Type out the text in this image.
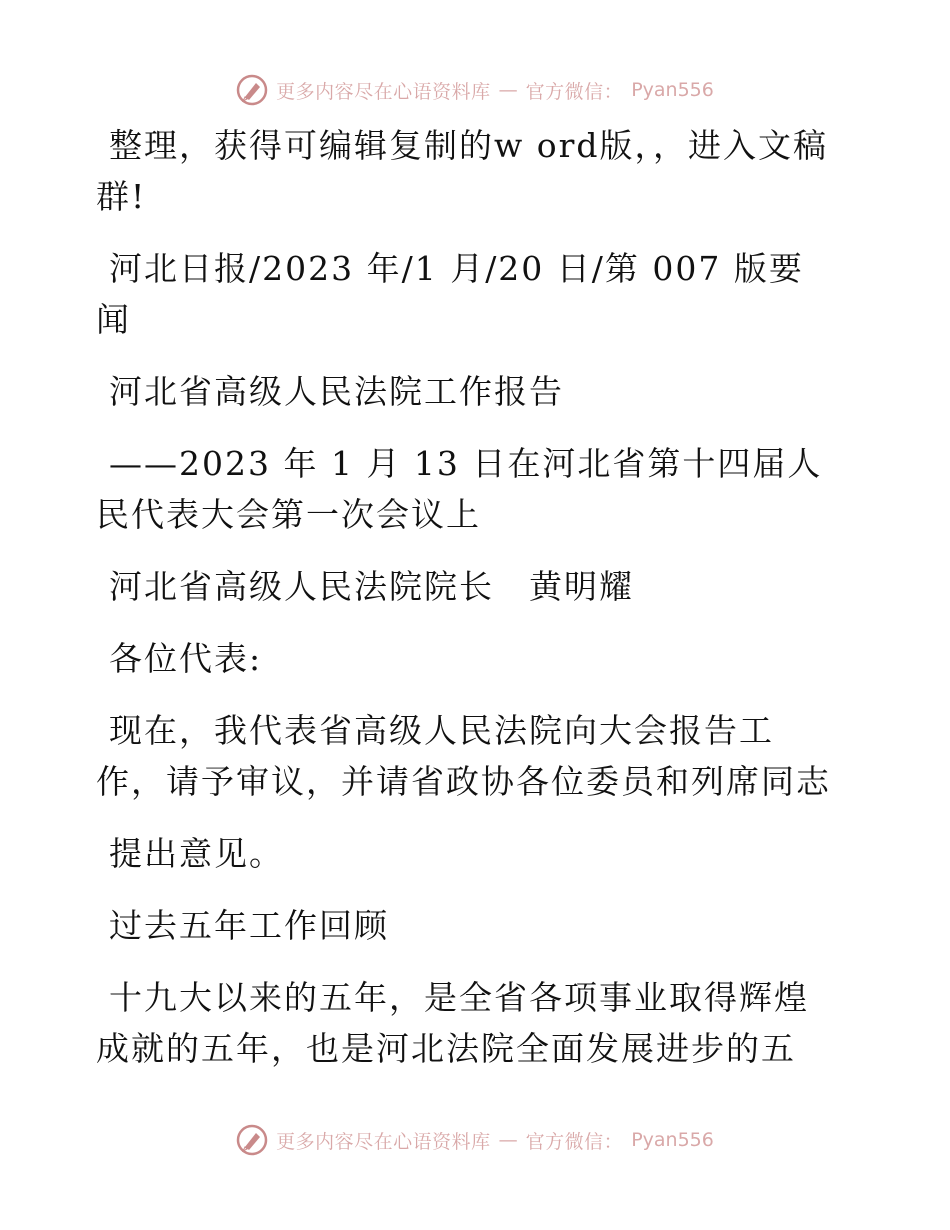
更多内容尽在心语资料库 — 官方微信： Pyan556

整理，获得可编辑复制的w ord版，，进入文稿群!

河北日报/2023 年/1 月/20 日/第 007 版要闻

河北省高级人民法院工作报告

——2023 年 1 月 13 日在河北省第十四届人民代表大会第一次会议上

河北省高级人民法院院长　黄明耀

各位代表:

现在，我代表省高级人民法院向大会报告工作，请予审议，并请省政协各位委员和列席同志

提出意见。

过去五年工作回顾

十九大以来的五年，是全省各项事业取得辉煌成就的五年，也是河北法院全面发展进步的五

更多内容尽在心语资料库 — 官方微信： Pyan556
